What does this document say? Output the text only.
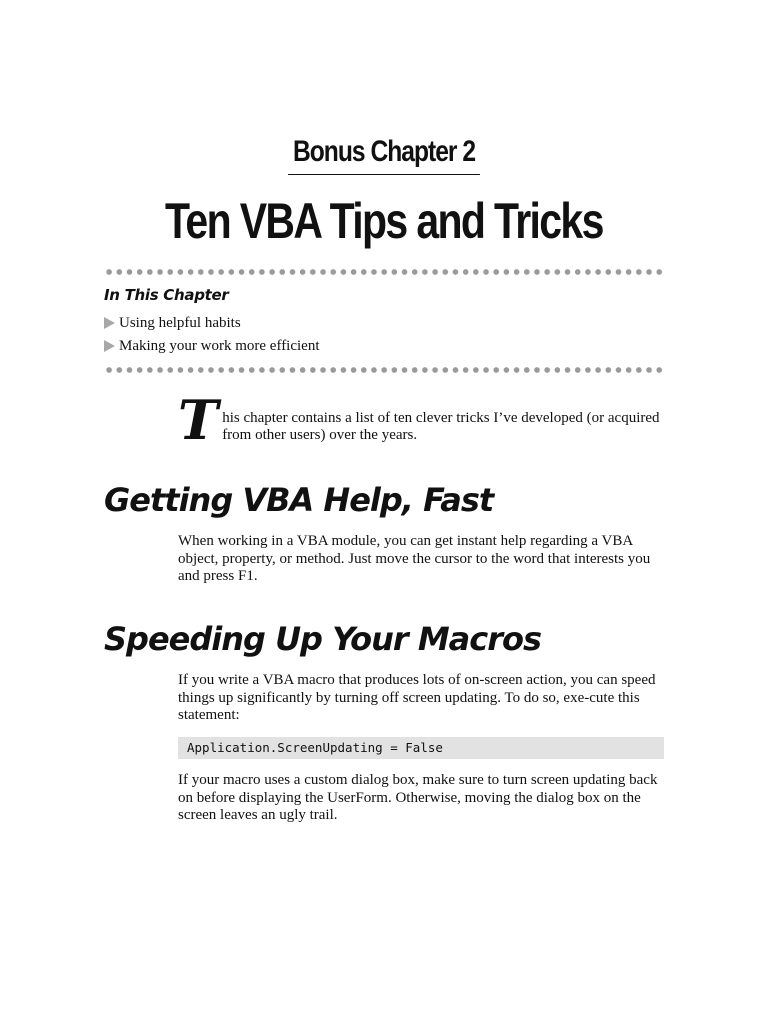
Bonus Chapter 2
Ten VBA Tips and Tricks
In This Chapter
Using helpful habits
Making your work more efficient
T his chapter contains a list of ten clever tricks I’ve developed (or acquired from other users) over the years.

Getting VBA Help, Fast

When working in a VBA module, you can get instant help regarding a VBA object, property, or method. Just move the cursor to the word that interests you and press F1.

Speeding Up Your Macros

If you write a VBA macro that produces lots of on-screen action, you can speed things up significantly by turning off screen updating. To do so, exe-cute this statement:

Application.ScreenUpdating = False

If your macro uses a custom dialog box, make sure to turn screen updating back on before displaying the UserForm. Otherwise, moving the dialog box on the screen leaves an ugly trail.
